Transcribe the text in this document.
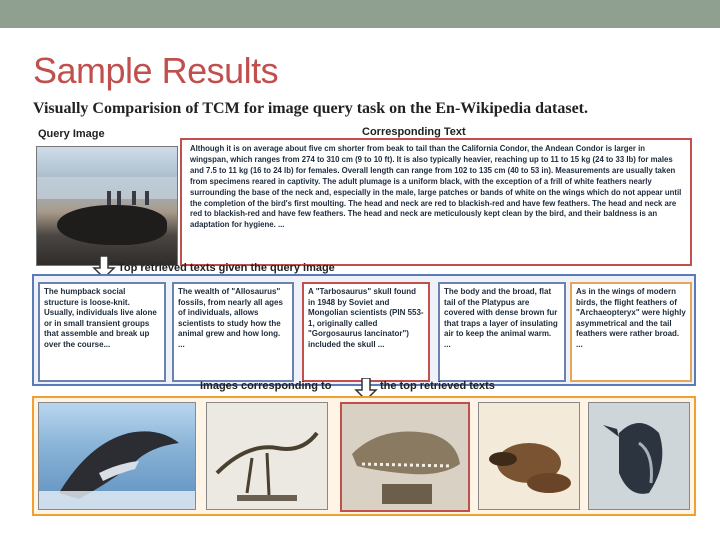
Sample Results
Visually Comparision of TCM for image query task on the En-Wikipedia dataset.
Query Image	Corresponding Text
Although it is on average about five cm shorter from beak to tail than the California Condor, the Andean Condor is larger in wingspan, which ranges from 274 to 310 cm (9 to 10 ft). It is also typically heavier, reaching up to 11 to 15 kg (24 to 33 lb) for males and 7.5 to 11 kg (16 to 24 lb) for females. Overall length can range from 102 to 135 cm (40 to 53 in). Measurements are usually taken from specimens reared in captivity. The adult plumage is a uniform black, with the exception of a frill of white feathers nearly surrounding the base of the neck and, especially in the male, large patches or bands of white on the wings which do not appear until the completion of the bird's first moulting. The head and neck are red to blackish-red and have few feathers. The head and neck are red to blackish-red and have few feathers. The head and neck are meticulously kept clean by the bird, and their baldness is an adaptation for hygiene. ...
Top retrieved texts given the query image

The humpback social structure is loose-knit. Usually, individuals live alone or in small transient groups that assemble and break up over the course...

The wealth of "Allosaurus" fossils, from nearly all ages of individuals, allows scientists to study how the animal grew and how long. ...

A "Tarbosaurus" skull found in 1948 by Soviet and Mongolian scientists (PIN 553-1, originally called "Gorgosaurus lancinator") included the skull ...

The body and the broad, flat tail of the Platypus are covered with dense brown fur that traps a layer of insulating air to keep the animal warm. ...

As in the wings of modern birds, the flight feathers of "Archaeopteryx" were highly asymmetrical and the tail feathers were rather broad. ...

Images corresponding to	the top retrieved texts
